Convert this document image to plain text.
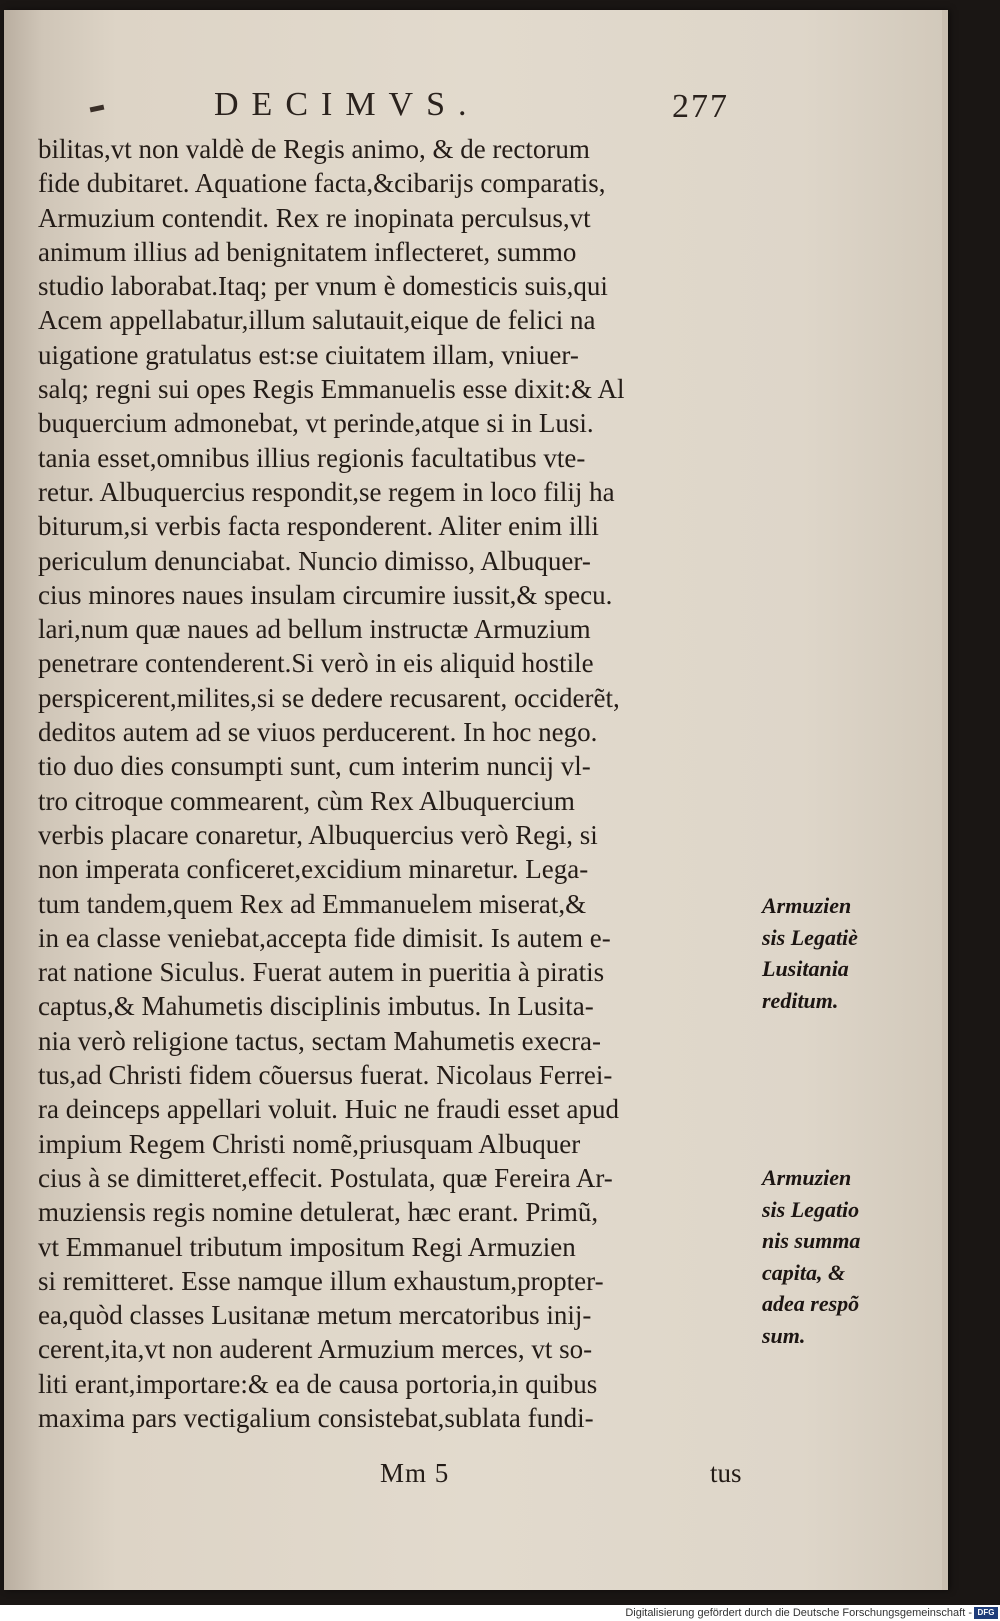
DECIMVS.	277
bilitas,vt non valdè de Regis animo, & de rectorum
fide dubitaret. Aquatione facta,&cibarijs comparatis,
Armuzium contendit. Rex re inopinata perculsus,vt
animum illius ad benignitatem inflecteret, summo
studio laborabat.Itaq; per vnum è domesticis suis,qui
Acem appellabatur,illum salutauit,eique de felici na
uigatione gratulatus est:se ciuitatem illam, vniuer-
salq; regni sui opes Regis Emmanuelis esse dixit:& Al
buquercium admonebat, vt perinde,atque si in Lusi.
tania esset,omnibus illius regionis facultatibus vte-
retur. Albuquercius respondit,se regem in loco filij ha
biturum,si verbis facta responderent. Aliter enim illi
periculum denunciabat. Nuncio dimisso, Albuquer-
cius minores naues insulam circumire iussit,& specu.
lari,num quæ naues ad bellum instructæ Armuzium
penetrare contenderent.Si verò in eis aliquid hostile
perspicerent,milites,si se dedere recusarent, occiderẽt,
deditos autem ad se viuos perducerent. In hoc nego.
tio duo dies consumpti sunt, cum interim nuncij vl-
tro citroque commearent, cùm Rex Albuquercium
verbis placare conaretur, Albuquercius verò Regi, si
non imperata conficeret,excidium minaretur. Lega-
tum tandem,quem Rex ad Emmanuelem miserat,&
in ea classe veniebat,accepta fide dimisit. Is autem e-
rat natione Siculus. Fuerat autem in pueritia à piratis
captus,& Mahumetis disciplinis imbutus. In Lusita-
nia verò religione tactus, sectam Mahumetis execra-
tus,ad Christi fidem cõuersus fuerat. Nicolaus Ferrei-
ra deinceps appellari voluit. Huic ne fraudi esset apud
impium Regem Christi nomẽ,priusquam Albuquer
cius à se dimitteret,effecit. Postulata, quæ Fereira Ar-
muziensis regis nomine detulerat, hæc erant. Primũ,
vt Emmanuel tributum impositum Regi Armuzien
si remitteret. Esse namque illum exhaustum,propter-
ea,quòd classes Lusitanæ metum mercatoribus inij-
cerent,ita,vt non auderent Armuzium merces, vt so-
liti erant,importare:& ea de causa portoria,in quibus
maxima pars vectigalium consistebat,sublata fundi-
Armuzien
sis Legatiè
Lusitania
reditum.
Armuzien
sis Legatio
nis summa
capita, &
adea respõ
sum.
Mm 5	tus
Digitalisierung gefördert durch die Deutsche Forschungsgemeinschaft - DFG
